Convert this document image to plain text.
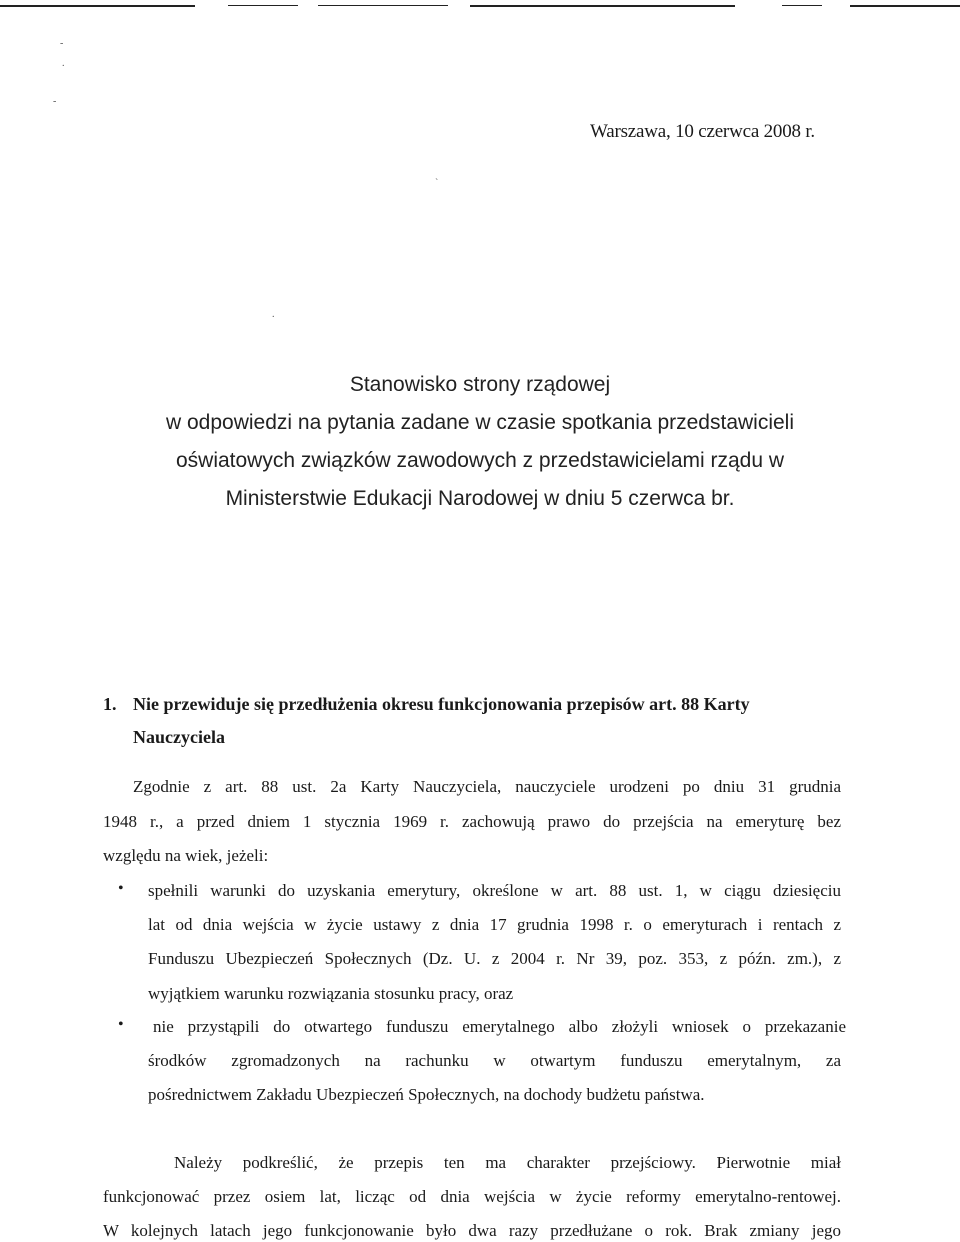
-
.
-
`
.
Warszawa, 10 czerwca 2008 r.
Stanowisko strony rządowej
w odpowiedzi na pytania zadane w czasie spotkania przedstawicieli
oświatowych związków zawodowych z przedstawicielami rządu w
Ministerstwie Edukacji Narodowej w dniu 5 czerwca br.
1. Nie przewiduje się przedłużenia okresu funkcjonowania przepisów art. 88 Karty
Nauczyciela
Zgodnie z art. 88 ust. 2a Karty Nauczyciela, nauczyciele urodzeni po dniu 31 grudnia
1948 r., a przed dniem 1 stycznia 1969 r. zachowują prawo do przejścia na emeryturę bez
względu na wiek, jeżeli:
• spełnili warunki do uzyskania emerytury, określone w art. 88 ust. 1, w ciągu dziesięciu
lat od dnia wejścia w życie ustawy z dnia 17 grudnia 1998 r. o emeryturach i rentach z
Funduszu Ubezpieczeń Społecznych (Dz. U. z 2004 r. Nr 39, poz. 353, z późn. zm.), z
wyjątkiem warunku rozwiązania stosunku pracy, oraz
• nie przystąpili do otwartego funduszu emerytalnego albo złożyli wniosek o przekazanie
środków zgromadzonych na rachunku w otwartym funduszu emerytalnym, za
pośrednictwem Zakładu Ubezpieczeń Społecznych, na dochody budżetu państwa.
Należy podkreślić, że przepis ten ma charakter przejściowy. Pierwotnie miał
funkcjonować przez osiem lat, licząc od dnia wejścia w życie reformy emerytalno-rentowej.
W kolejnych latach jego funkcjonowanie było dwa razy przedłużane o rok. Brak zmiany jego
